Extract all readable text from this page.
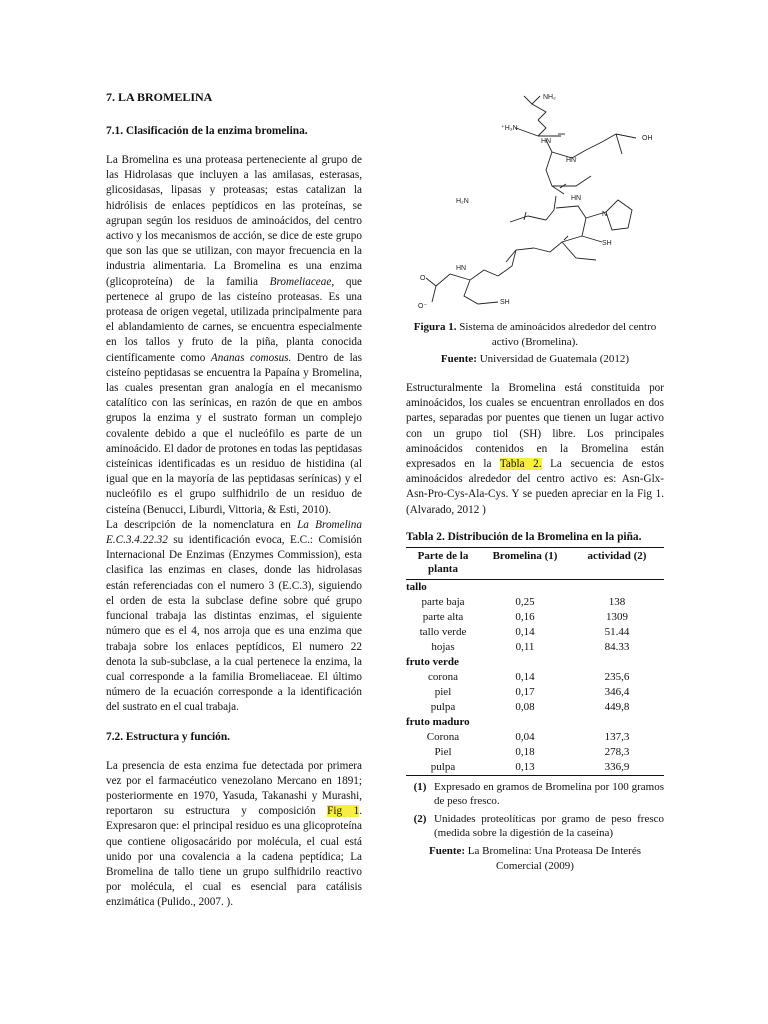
7. LA BROMELINA
7.1. Clasificación de la enzima bromelina.

La Bromelina es una proteasa perteneciente al grupo de las Hidrolasas que incluyen a las amilasas, esterasas, glicosidasas, lipasas y proteasas; estas catalizan la hidrólisis de enlaces peptídicos en las proteínas, se agrupan según los residuos de aminoácidos, del centro activo y los mecanismos de acción, se dice de este grupo que son las que se utilizan, con mayor frecuencia en la industria alimentaria. La Bromelina es una enzima (glicoproteína) de la familia Bromeliaceae, que pertenece al grupo de las cisteíno proteasas. Es una proteasa de origen vegetal, utilizada principalmente para el ablandamiento de carnes, se encuentra especialmente en los tallos y fruto de la piña, planta conocida científicamente como Ananas comosus. Dentro de las cisteíno peptidasas se encuentra la Papaína y Bromelina, las cuales presentan gran analogía en el mecanismo catalítico con las serínicas, en razón de que en ambos grupos la enzima y el sustrato forman un complejo covalente debido a que el nucleófilo es parte de un aminoácido. El dador de protones en todas las peptidasas cisteínicas identificadas es un residuo de histidina (al igual que en la mayoría de las peptidasas serínicas) y el nucleófilo es el grupo sulfhidrilo de un residuo de cisteína (Benucci, Liburdi, Vittoria, & Esti, 2010).

La descripción de la nomenclatura en La Bromelina E.C.3.4.22.32 su identificación evoca, E.C.: Comisión Internacional De Enzimas (Enzymes Commission), esta clasifica las enzimas en clases, donde las hidrolasas están referenciadas con el numero 3 (E.C.3), siguiendo el orden de esta la subclase define sobre qué grupo funcional trabaja las distintas enzimas, el siguiente número que es el 4, nos arroja que es una enzima que trabaja sobre los enlaces peptídicos, El numero 22 denota la sub-subclase, a la cual pertenece la enzima, la cual corresponde a la familia Bromeliaceae. El último número de la ecuación corresponde a la identificación del sustrato en el cual trabaja.

7.2. Estructura y función.

La presencia de esta enzima fue detectada por primera vez por el farmacéutico venezolano Mercano en 1891; posteriormente en 1970, Yasuda, Takanashi y Murashi, reportaron su estructura y composición Fig 1. Expresaron que: el principal residuo es una glicoproteína que contiene oligosacárido por molécula, el cual está unido por una covalencia a la cadena peptídica; La Bromelina de tallo tiene un grupo sulfhidrilo reactivo por molécula, el cual es esencial para catálisis enzimática (Pulido., 2007. ).

NH₂
⁺H₃N
OH
HN
HN
H₂N	HN
N
SH
HN
SH
O⁻
O
Figura 1. Sistema de aminoácidos alrededor del centro activo (Bromelina).
Fuente: Universidad de Guatemala (2012)

Estructuralmente la Bromelina está constituida por aminoácidos, los cuales se encuentran enrollados en dos partes, separadas por puentes que tienen un lugar activo con un grupo tiol (SH) libre. Los principales aminoácidos contenidos en la Bromelina están expresados en la Tabla 2. La secuencia de estos aminoácidos alrededor del centro activo es: Asn-Glx-Asn-Pro-Cys-Ala-Cys. Y se pueden apreciar en la Fig 1. (Alvarado, 2012 )

Tabla 2. Distribución de la Bromelina en la piña.
Parte de la planta	Bromelina (1)	actividad (2)
tallo		
parte baja	0,25	138
parte alta	0,16	1309
tallo verde	0,14	51.44
hojas	0,11	84.33
fruto verde		
corona	0,14	235,6
piel	0,17	346,4
pulpa	0,08	449,8
fruto maduro		
Corona	0,04	137,3
Piel	0,18	278,3
pulpa	0,13	336,9
(1) Expresado en gramos de Bromelina por 100 gramos de peso fresco.
(2) Unidades proteolíticas por gramo de peso fresco (medida sobre la digestión de la caseína)
Fuente: La Bromelina: Una Proteasa De Interés Comercial (2009)
